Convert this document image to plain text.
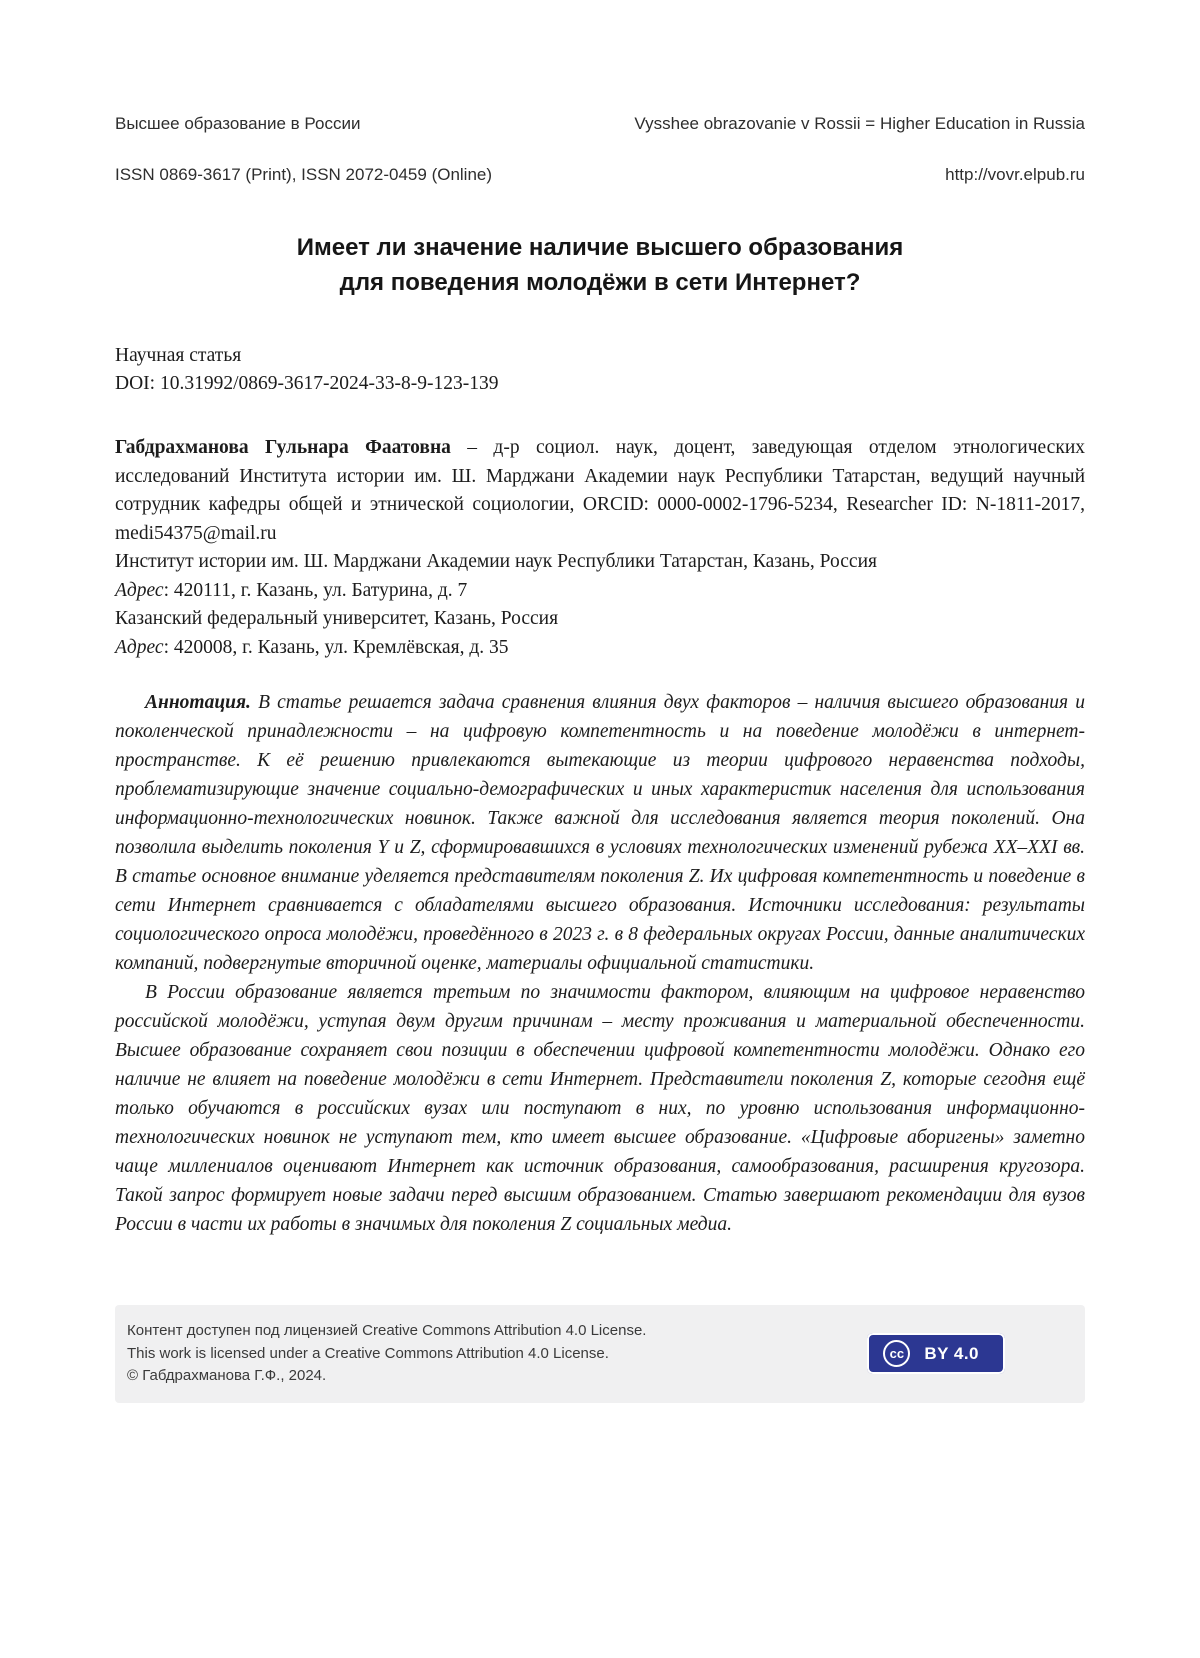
Высшее образование в России	Vysshee obrazovanie v Rossii = Higher Education in Russia
ISSN 0869-3617 (Print), ISSN 2072-0459 (Online)	http://vovr.elpub.ru
Имеет ли значение наличие высшего образования
для поведения молодёжи в сети Интернет?
Научная статья
DOI: 10.31992/0869-3617-2024-33-8-9-123-139

Габдрахманова Гульнара Фаатовна – д-р социол. наук, доцент, заведующая отделом этнологических исследований Института истории им. Ш. Марджани Академии наук Республики Татарстан, ведущий научный сотрудник кафедры общей и этнической социологии, ORCID: 0000-0002-1796-5234, Researcher ID: N-1811-2017, medi54375@mail.ru

Институт истории им. Ш. Марджани Академии наук Республики Татарстан, Казань, Россия

Адрес: 420111, г. Казань, ул. Батурина, д. 7

Казанский федеральный университет, Казань, Россия

Адрес: 420008, г. Казань, ул. Кремлёвская, д. 35

Аннотация. В статье решается задача сравнения влияния двух факторов – наличия высшего образования и поколенческой принадлежности – на цифровую компетентность и на поведение молодёжи в интернет-пространстве. К её решению привлекаются вытекающие из теории цифрового неравенства подходы, проблематизирующие значение социально-демографических и иных характеристик населения для использования информационно-технологических новинок. Также важной для исследования является теория поколений. Она позволила выделить поколения Y и Z, сформировавшихся в условиях технологических изменений рубежа XX–XXI вв. В статье основное внимание уделяется представителям поколения Z. Их цифровая компетентность и поведение в сети Интернет сравнивается с обладателями высшего образования. Источники исследования: результаты социологического опроса молодёжи, проведённого в 2023 г. в 8 федеральных округах России, данные аналитических компаний, подвергнутые вторичной оценке, материалы официальной статистики.

В России образование является третьим по значимости фактором, влияющим на цифровое неравенство российской молодёжи, уступая двум другим причинам – месту проживания и материальной обеспеченности. Высшее образование сохраняет свои позиции в обеспечении цифровой компетентности молодёжи. Однако его наличие не влияет на поведение молодёжи в сети Интернет. Представители поколения Z, которые сегодня ещё только обучаются в российских вузах или поступают в них, по уровню использования информационно-технологических новинок не уступают тем, кто имеет высшее образование. «Цифровые аборигены» заметно чаще миллениалов оценивают Интернет как источник образования, самообразования, расширения кругозора. Такой запрос формирует новые задачи перед высшим образованием. Статью завершают рекомендации для вузов России в части их работы в значимых для поколения Z социальных медиа.

Контент доступен под лицензией Creative Commons Attribution 4.0 License.
This work is licensed under a Creative Commons Attribution 4.0 License.
© Габдрахманова Г.Ф., 2024.
cc BY 4.0
